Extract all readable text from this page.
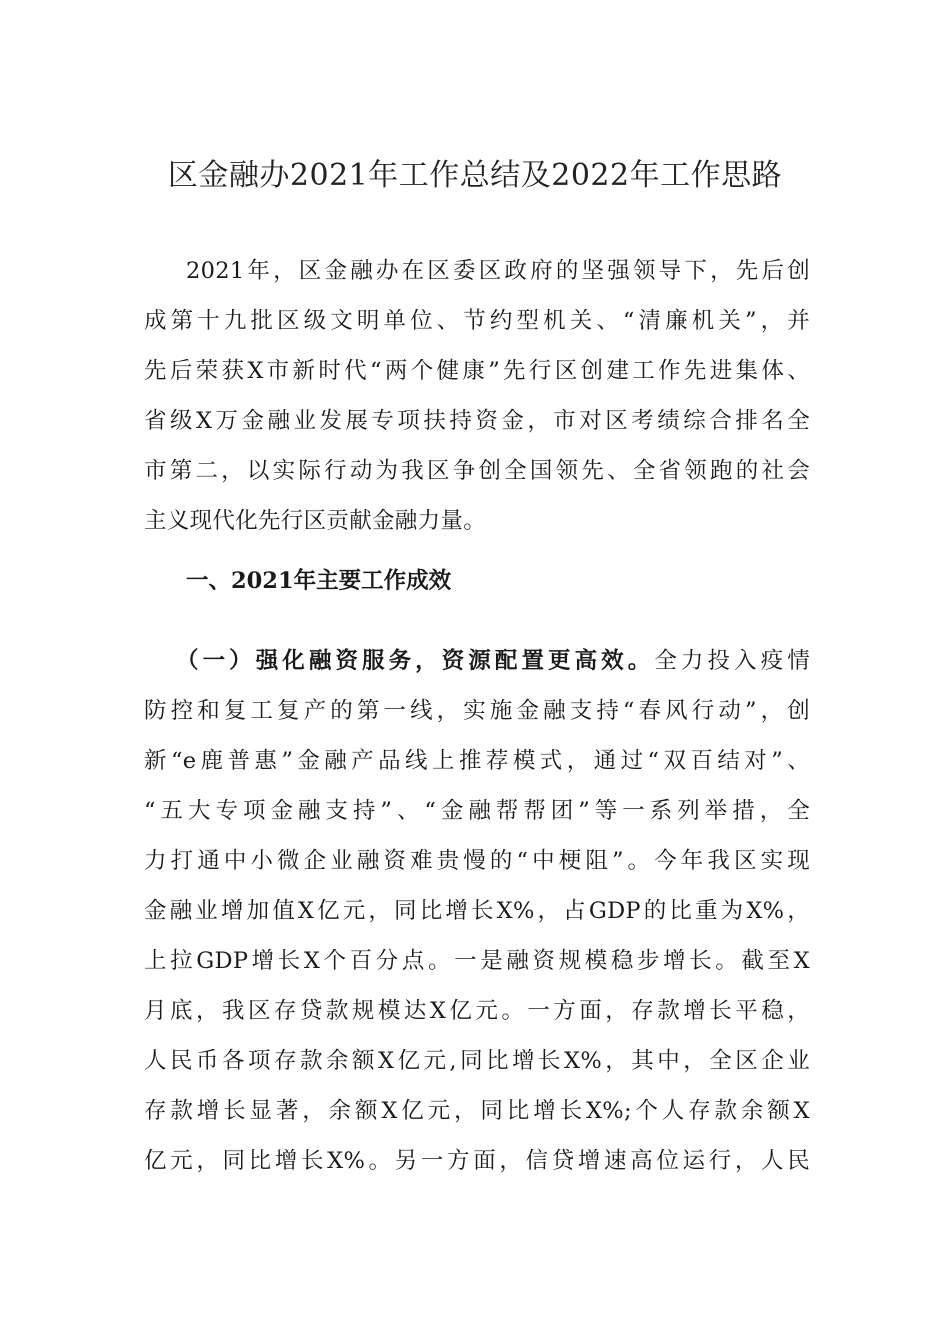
区金融办2021年工作总结及2022年工作思路
2021年，区金融办在区委区政府的坚强领导下，先后创
成第十九批区级文明单位、节约型机关、“清廉机关”，并
先后荣获X市新时代“两个健康”先行区创建工作先进集体、
省级X万金融业发展专项扶持资金，市对区考绩综合排名全
市第二，以实际行动为我区争创全国领先、全省领跑的社会
主义现代化先行区贡献金融力量。
一、2021年主要工作成效
（一）强化融资服务，资源配置更高效。全力投入疫情
防控和复工复产的第一线，实施金融支持“春风行动”，创
新“e鹿普惠”金融产品线上推荐模式，通过“双百结对”、
“五大专项金融支持”、“金融帮帮团”等一系列举措，全
力打通中小微企业融资难贵慢的“中梗阻”。今年我区实现
金融业增加值X亿元，同比增长X%，占GDP的比重为X%，
上拉GDP增长X个百分点。一是融资规模稳步增长。截至X
月底，我区存贷款规模达X亿元。一方面，存款增长平稳，
人民币各项存款余额X亿元,同比增长X%，其中，全区企业
存款增长显著，余额X亿元，同比增长X%;个人存款余额X
亿元，同比增长X%。另一方面，信贷增速高位运行，人民
